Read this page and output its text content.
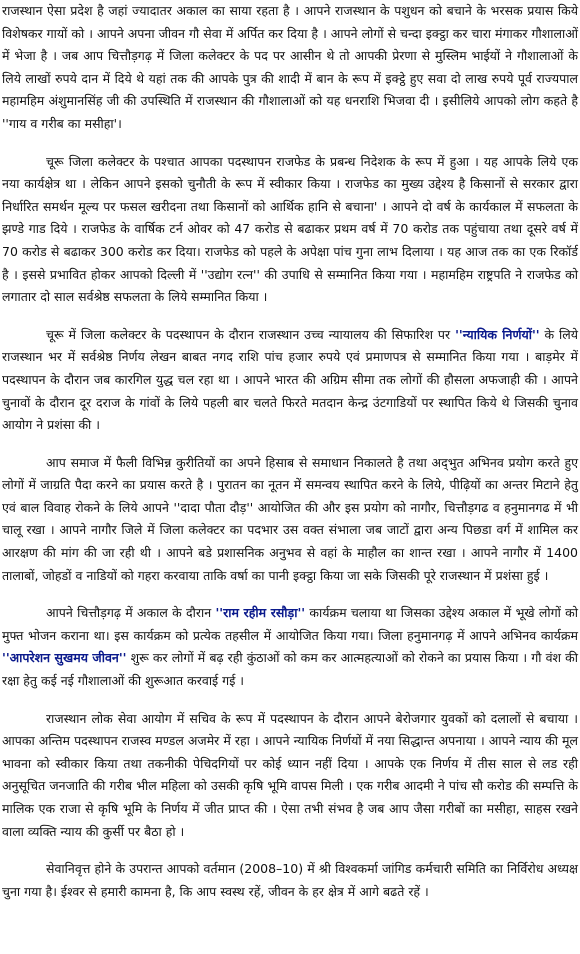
राजस्थान ऐसा प्रदेश है जहां ज्यादातर अकाल का साया रहता है । आपने राजस्थान के पशुधन को बचाने के भरसक प्रयास किये विशेषकर गायों को । आपने अपना जीवन गौ सेवा में अर्पित कर दिया है । आपने लोगों से चन्दा इक्ट्ठा कर चारा मंगाकर गौशालाओं में भेजा है । जब आप चित्तौड़गढ़ में जिला कलेक्टर के पद पर आसीन थे तो आपकी प्रेरणा से मुस्लिम भाईयों ने गौशालाओं के लिये लाखों रुपये दान में दिये थे यहां तक की आपके पुत्र की शादी में बान के रूप में इक्ट्ठे हुए सवा दो लाख रुपये पूर्व राज्यपाल महामहिम अंशुमानसिंह जी की उपस्थिति में राजस्थान की गौशालाओं को यह धनराशि भिजवा दी । इसीलिये आपको लोग कहते है ''गाय व गरीब का मसीहा'।

चूरू जिला कलेक्टर के पश्चात आपका पदस्थापन राजफेड के प्रबन्ध निदेशक के रूप में हुआ । यह आपके लिये एक नया कार्यक्षेत्र था । लेकिन आपने इसको चुनौती के रूप में स्वीकार किया । राजफेड का मुख्य उद्देश्य है किसानों से सरकार द्वारा निर्धारित समर्थन मूल्य पर फसल खरीदना तथा किसानों को आर्थिक हानि से बचाना' । आपने दो वर्ष के कार्यकाल में सफलता के झण्डे गाड दिये । राजफेड के वार्षिक टर्न ओवर को 47 करोड से बढाकर प्रथम वर्ष में 70 करोड तक पहुंचाया तथा दूसरे वर्ष में 70 करोड से बढाकर 300 करोड कर दिया। राजफेड को पहले के अपेक्षा पांच गुना लाभ दिलाया । यह आज तक का एक रिकॉर्ड है । इससे प्रभावित होकर आपको दिल्ली में ''उद्योग रत्न'' की उपाधि से सम्मानित किया गया । महामहिम राष्ट्रपति ने राजफेड को लगातार दो साल सर्वश्रेष्ठ सफलता के लिये सम्मानित किया ।

चूरू में जिला कलेक्टर के पदस्थापन के दौरान राजस्थान उच्च न्यायालय की सिफारिश पर ''न्यायिक निर्णयों'' के लिये राजस्थान भर में सर्वश्रेष्ठ निर्णय लेखन बाबत नगद राशि पांच हजार रुपये एवं प्रमाणपत्र से सम्मानित किया गया । बाड़मेर में पदस्थापन के दौरान जब कारगिल युद्ध चल रहा था । आपने भारत की अग्रिम सीमा तक लोगों की हौसला अफजाही की । आपने चुनावों के दौरान दूर दराज के गांवों के लिये पहली बार चलते फिरते मतदान केन्द्र उंटगाडियों पर स्थापित किये थे जिसकी चुनाव आयोग ने प्रशंसा की ।

आप समाज में फैली विभिन्न कुरीतियों का अपने हिसाब से समाधान निकालते है तथा अद्‌भुत अभिनव प्रयोग करते हुए लोगों में जाग्रति पैदा करने का प्रयास करते है । पुरातन का नूतन में समन्वय स्थापित करने के लिये, पीढ़ियों का अन्तर मिटाने हेतु एवं बाल विवाह रोकने के लिये आपने ''दादा पौता दौड़'' आयोजित की और इस प्रयोग को नागौर, चित्तौड़गढ व हनुमानगढ में भी चालू रखा । आपने नागौर जिले में जिला कलेक्टर का पदभार उस वक्त संभाला जब जाटों द्वारा अन्य पिछडा वर्ग में शामिल कर आरक्षण की मांग की जा रही थी । आपने बडे प्रशासनिक अनुभव से वहां के माहौल का शान्त रखा । आपने नागौर में 1400 तालाबों, जोहडों व नाडियों को गहरा करवाया ताकि वर्षा का पानी इक्ट्ठा किया जा सके जिसकी पूरे राजस्थान में प्रशंसा हुई ।

आपने चित्तौड़गढ़ में अकाल के दौरान ''राम रहीम रसौड़ा'' कार्यक्रम चलाया था जिसका उद्देश्य अकाल में भूखे लोगों को मुफ्त भोजन कराना था। इस कार्यक्रम को प्रत्येक तहसील में आयोजित किया गया। जिला हनुमानगढ़ में आपने अभिनव कार्यक्रम ''आपरेशन सुखमय जीवन'' शुरू कर लोगों में बढ़ रही कुंठाओं को कम कर आत्महत्याओं को रोकने का प्रयास किया । गौ वंश की रक्षा हेतु कई नई गौशालाओं की शुरूआत करवाई गई ।

राजस्थान लोक सेवा आयोग में सचिव के रूप में पदस्थापन के दौरान आपने बेरोजगार युवकों को दलालों से बचाया । आपका अन्तिम पदस्थापन राजस्व मण्डल अजमेर में रहा । आपने न्यायिक निर्णयों में नया सिद्धान्त अपनाया । आपने न्याय की मूल भावना को स्वीकार किया तथा तकनीकी पेचिदगियों पर कोई ध्यान नहीं दिया । आपके एक निर्णय में तीस साल से लड रही अनुसूचित जनजाति की गरीब भील महिला को उसकी कृषि भूमि वापस मिली । एक गरीब आदमी ने पांच सौ करोड की सम्पत्ति के मालिक एक राजा से कृषि भूमि के निर्णय में जीत प्राप्त की । ऐसा तभी संभव है जब आप जैसा गरीबों का मसीहा, साहस रखने वाला व्यक्ति न्याय की कुर्सी पर बैठा हो ।

सेवानिवृत्त होने के उपरान्त आपको वर्तमान (2008–10) में श्री विश्वकर्मा जांगिड कर्मचारी समिति का निर्विरोध अध्यक्ष चुना गया है। ईश्वर से हमारी कामना है, कि आप स्वस्थ रहें, जीवन के हर क्षेत्र में आगे बढते रहें ।
